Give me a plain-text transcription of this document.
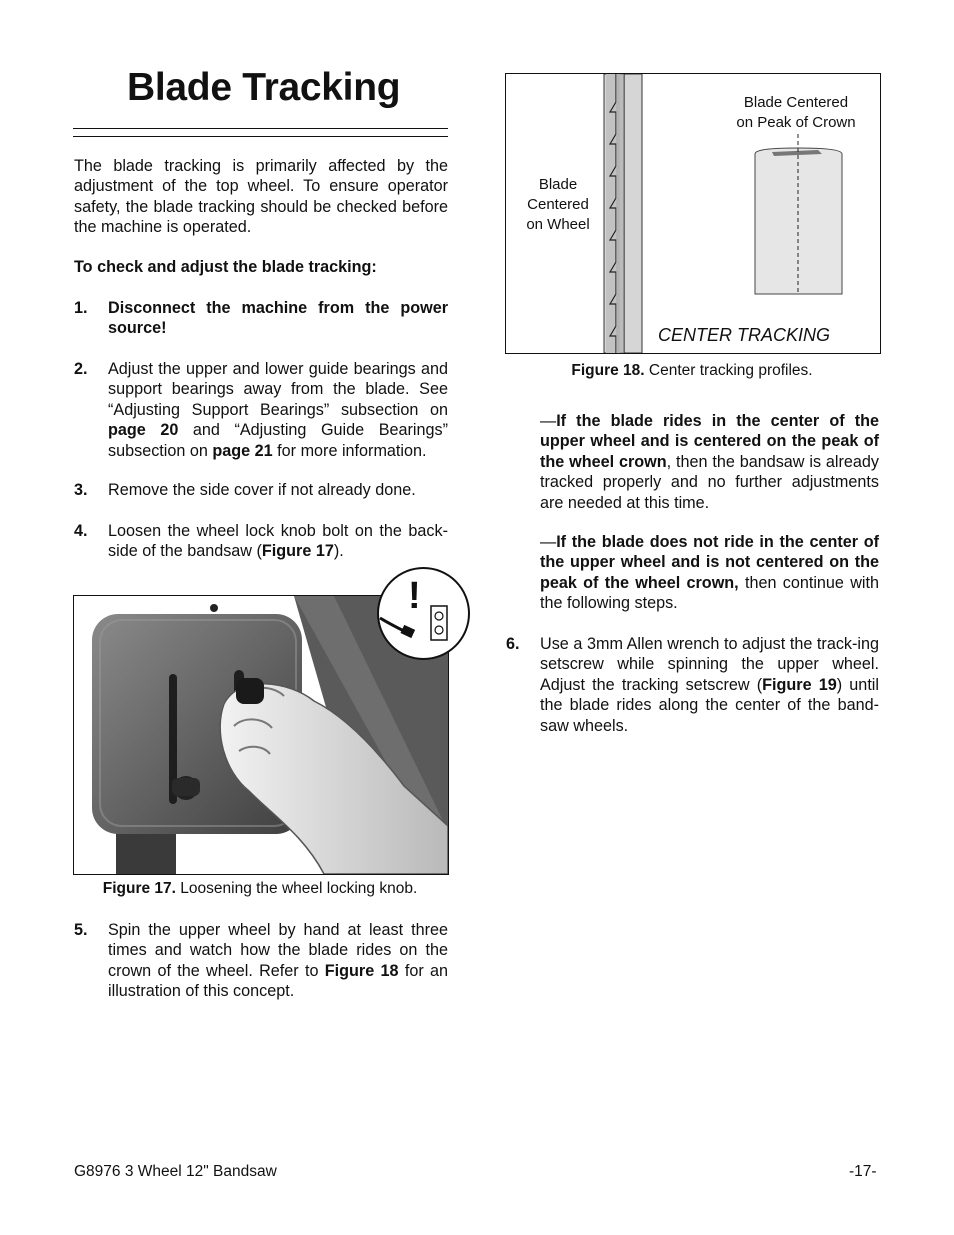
Blade Tracking
The blade tracking is primarily affected by the adjustment of the top wheel. To ensure operator safety, the blade tracking should be checked before the machine is operated.
To check and adjust the blade tracking:
1.	Disconnect the machine from the power source!
2.	Adjust the upper and lower guide bearings and support bearings away from the blade. See “Adjusting Support Bearings” subsection on page 20 and “Adjusting Guide Bearings” subsection on page 21 for more information.
3.	Remove the side cover if not already done.
4.	Loosen the wheel lock knob bolt on the back-side of the bandsaw (Figure 17).
!
Figure 17. Loosening the wheel locking knob.
5.	Spin the upper wheel by hand at least three times and watch how the blade rides on the crown of the wheel. Refer to Figure 18 for an illustration of this concept.
Blade
Centered
on Wheel
Blade Centered
on Peak of Crown
CENTER TRACKING
Figure 18. Center tracking profiles.
—If the blade rides in the center of the upper wheel and is centered on the peak of the wheel crown, then the bandsaw is already tracked properly and no further adjustments are needed at this time.
—If the blade does not ride in the center of the upper wheel and is not centered on the peak of the wheel crown, then continue with the following steps.
6.	Use a 3mm Allen wrench to adjust the track-ing setscrew while spinning the upper wheel. Adjust the tracking setscrew (Figure 19) until the blade rides along the center of the band-saw wheels.
G8976 3 Wheel 12" Bandsaw	-17-
